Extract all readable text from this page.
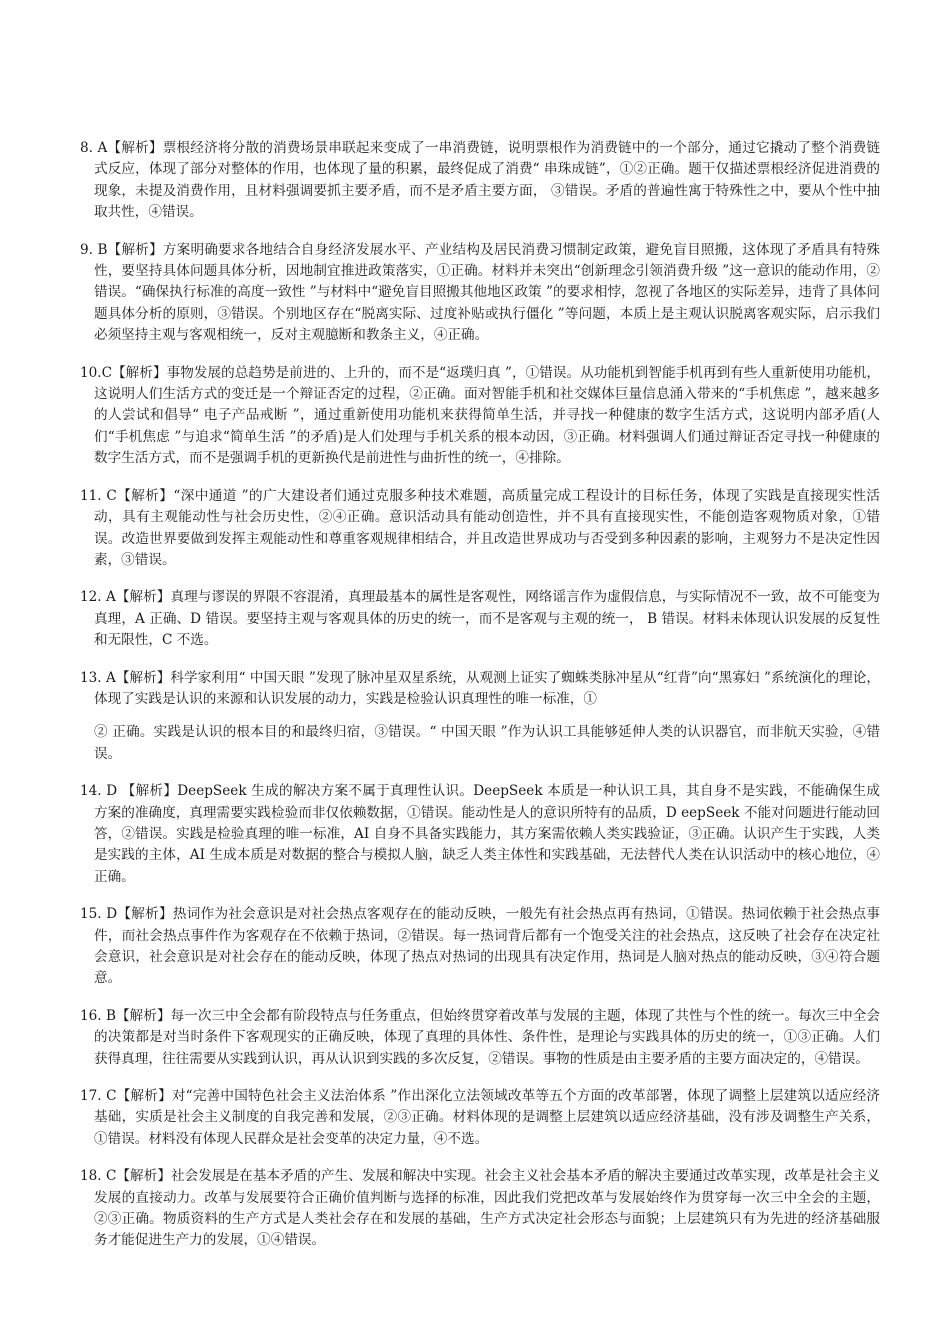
8. A【解析】票根经济将分散的消费场景串联起来变成了一串消费链，说明票根作为消费链中的一个部分，通过它撬动了整个消费链式反应，体现了部分对整体的作用，也体现了量的积累，最终促成了消费“ 串珠成链”，①②正确。题干仅描述票根经济促进消费的现象，未提及消费作用，且材料强调要抓主要矛盾，而不是矛盾主要方面， ③错误。矛盾的普遍性寓于特殊性之中，要从个性中抽取共性，④错误。

9. B【解析】方案明确要求各地结合自身经济发展水平、产业结构及居民消费习惯制定政策，避免盲目照搬，这体现了矛盾具有特殊性，要坚持具体问题具体分析，因地制宜推进政策落实，①正确。材料并未突出“创新理念引领消费升级 ”这一意识的能动作用，②错误。“确保执行标准的高度一致性 ”与材料中“避免盲目照搬其他地区政策 ”的要求相悖，忽视了各地区的实际差异，违背了具体问题具体分析的原则，③错误。个别地区存在“脱离实际、过度补贴或执行僵化 ”等问题，本质上是主观认识脱离客观实际，启示我们必须坚持主观与客观相统一，反对主观臆断和教条主义，④正确。

10.C【解析】事物发展的总趋势是前进的、上升的，而不是“返璞归真 ”，①错误。从功能机到智能手机再到有些人重新使用功能机，这说明人们生活方式的变迁是一个辩证否定的过程，②正确。面对智能手机和社交媒体巨量信息涌入带来的“手机焦虑 ”，越来越多的人尝试和倡导“ 电子产品戒断 ”，通过重新使用功能机来获得简单生活，并寻找一种健康的数字生活方式，这说明内部矛盾(人们“手机焦虑 ”与追求“简单生活 ”的矛盾)是人们处理与手机关系的根本动因，③正确。材料强调人们通过辩证否定寻找一种健康的数字生活方式，而不是强调手机的更新换代是前进性与曲折性的统一，④排除。

11. C【解析】“深中通道 ”的广大建设者们通过克服多种技术难题，高质量完成工程设计的目标任务，体现了实践是直接现实性活动，具有主观能动性与社会历史性，②④正确。意识活动具有能动创造性，并不具有直接现实性，不能创造客观物质对象，①错误。改造世界要做到发挥主观能动性和尊重客观规律相结合，并且改造世界成功与否受到多种因素的影响，主观努力不是决定性因素，③错误。

12. A【解析】真理与谬误的界限不容混淆，真理最基本的属性是客观性，网络谣言作为虚假信息，与实际情况不一致，故不可能变为真理，A 正确、D 错误。要坚持主观与客观具体的历史的统一，而不是客观与主观的统一， B 错误。材料未体现认识发展的反复性和无限性，C 不选。

13. A【解析】科学家利用“ 中国天眼 ”发现了脉冲星双星系统，从观测上证实了蜘蛛类脉冲星从“红背”向“黑寡妇 ”系统演化的理论，体现了实践是认识的来源和认识发展的动力，实践是检验认识真理性的唯一标准，①

② 正确。实践是认识的根本目的和最终归宿，③错误。“ 中国天眼 ”作为认识工具能够延伸人类的认识器官，而非航天实验，④错误。

14. D 【解析】DeepSeek 生成的解决方案不属于真理性认识。DeepSeek 本质是一种认识工具，其自身不是实践，不能确保生成方案的准确度，真理需要实践检验而非仅依赖数据，①错误。能动性是人的意识所特有的品质，D eepSeek 不能对问题进行能动回答，②错误。实践是检验真理的唯一标准，AI 自身不具备实践能力，其方案需依赖人类实践验证，③正确。认识产生于实践，人类是实践的主体，AI 生成本质是对数据的整合与模拟人脑，缺乏人类主体性和实践基础，无法替代人类在认识活动中的核心地位，④正确。

15. D【解析】热词作为社会意识是对社会热点客观存在的能动反映，一般先有社会热点再有热词，①错误。热词依赖于社会热点事件，而社会热点事件作为客观存在不依赖于热词，②错误。每一热词背后都有一个饱受关注的社会热点，这反映了社会存在决定社会意识，社会意识是对社会存在的能动反映，体现了热点对热词的出现具有决定作用，热词是人脑对热点的能动反映，③④符合题意。

16. B【解析】每一次三中全会都有阶段特点与任务重点，但始终贯穿着改革与发展的主题，体现了共性与个性的统一。每次三中全会的决策都是对当时条件下客观现实的正确反映，体现了真理的具体性、条件性，是理论与实践具体的历史的统一，①③正确。人们获得真理，往往需要从实践到认识，再从认识到实践的多次反复，②错误。事物的性质是由主要矛盾的主要方面决定的，④错误。

17. C【解析】对“完善中国特色社会主义法治体系 ”作出深化立法领域改革等五个方面的改革部署，体现了调整上层建筑以适应经济基础，实质是社会主义制度的自我完善和发展，②③正确。材料体现的是调整上层建筑以适应经济基础，没有涉及调整生产关系，①错误。材料没有体现人民群众是社会变革的决定力量，④不选。

18. C【解析】社会发展是在基本矛盾的产生、发展和解决中实现。社会主义社会基本矛盾的解决主要通过改革实现，改革是社会主义发展的直接动力。改革与发展要符合正确价值判断与选择的标准，因此我们党把改革与发展始终作为贯穿每一次三中全会的主题，②③正确。物质资料的生产方式是人类社会存在和发展的基础，生产方式决定社会形态与面貌；上层建筑只有为先进的经济基础服务才能促进生产力的发展，①④错误。
